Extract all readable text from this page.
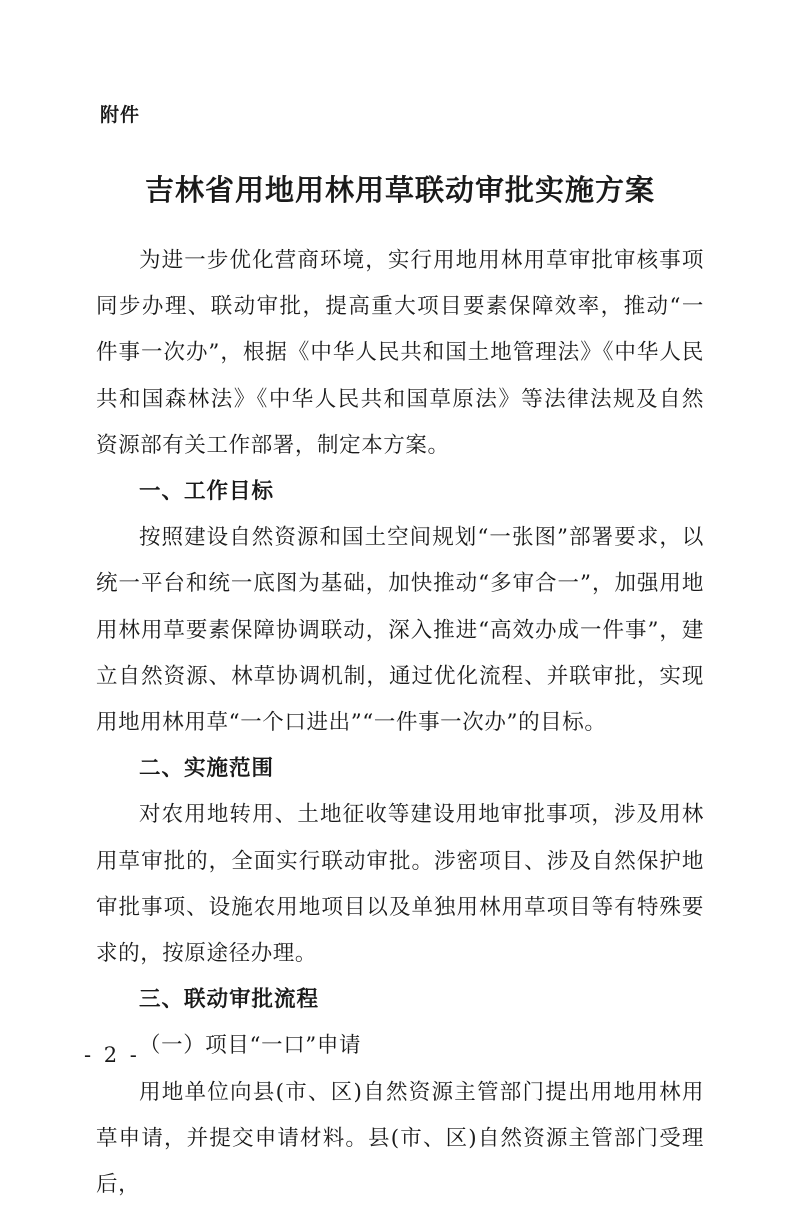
附件
吉林省用地用林用草联动审批实施方案

为进一步优化营商环境，实行用地用林用草审批审核事项同步办理、联动审批，提高重大项目要素保障效率，推动“一件事一次办”，根据《中华人民共和国土地管理法》《中华人民共和国森林法》《中华人民共和国草原法》等法律法规及自然资源部有关工作部署，制定本方案。

一、工作目标

按照建设自然资源和国土空间规划“一张图”部署要求，以统一平台和统一底图为基础，加快推动“多审合一”，加强用地用林用草要素保障协调联动，深入推进“高效办成一件事”，建立自然资源、林草协调机制，通过优化流程、并联审批，实现用地用林用草“一个口进出”“一件事一次办”的目标。

二、实施范围

对农用地转用、土地征收等建设用地审批事项，涉及用林用草审批的，全面实行联动审批。涉密项目、涉及自然保护地审批事项、设施农用地项目以及单独用林用草项目等有特殊要求的，按原途径办理。

三、联动审批流程
（一）项目“一口”申请

用地单位向县(市、区)自然资源主管部门提出用地用林用草申请，并提交申请材料。县(市、区)自然资源主管部门受理后，

- 2 -
